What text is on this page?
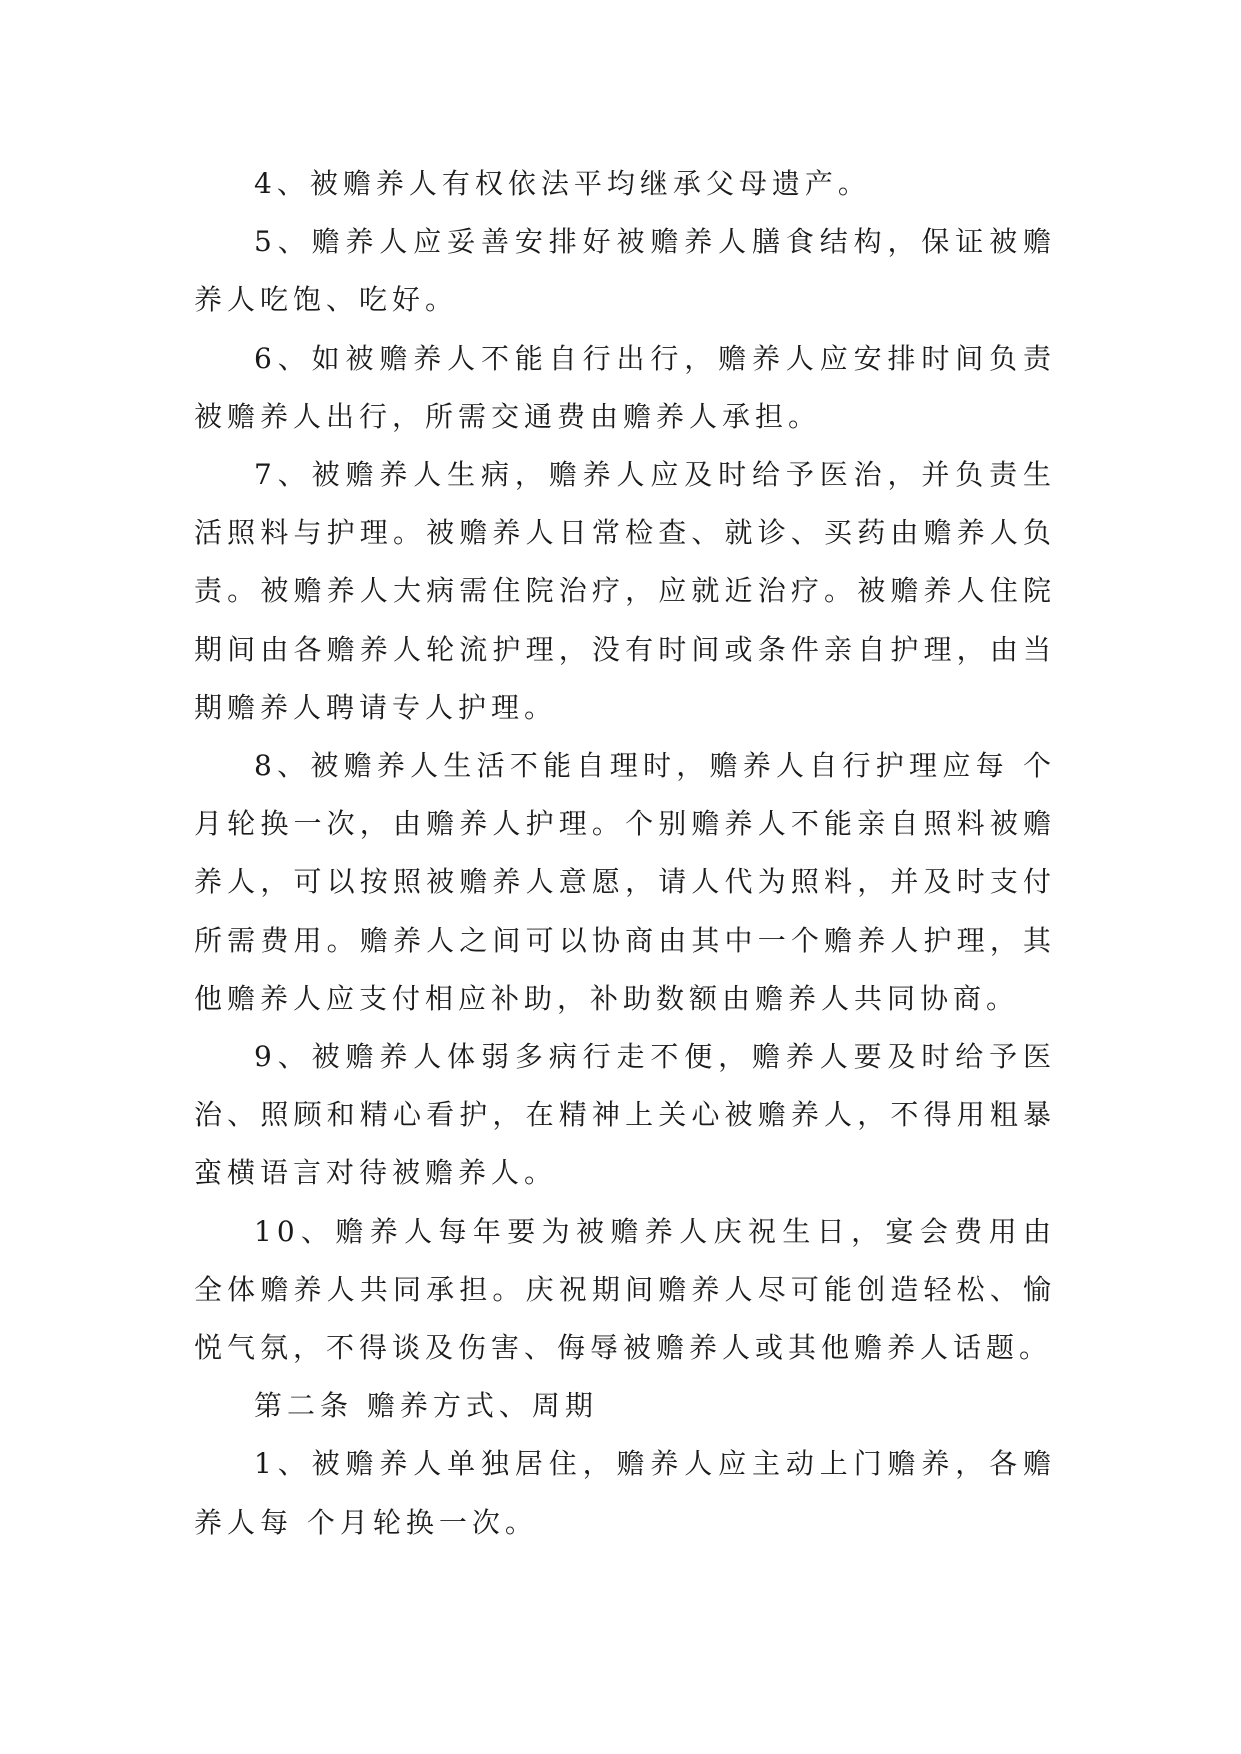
4、被赡养人有权依法平均继承父母遗产。

5、赡养人应妥善安排好被赡养人膳食结构，保证被赡养人吃饱、吃好。

6、如被赡养人不能自行出行，赡养人应安排时间负责被赡养人出行，所需交通费由赡养人承担。

7、被赡养人生病，赡养人应及时给予医治，并负责生活照料与护理。被赡养人日常检查、就诊、买药由赡养人负责。被赡养人大病需住院治疗，应就近治疗。被赡养人住院期间由各赡养人轮流护理，没有时间或条件亲自护理，由当期赡养人聘请专人护理。

8、被赡养人生活不能自理时，赡养人自行护理应每 个月轮换一次，由赡养人护理。个别赡养人不能亲自照料被赡养人，可以按照被赡养人意愿，请人代为照料，并及时支付所需费用。赡养人之间可以协商由其中一个赡养人护理，其他赡养人应支付相应补助，补助数额由赡养人共同协商。

9、被赡养人体弱多病行走不便，赡养人要及时给予医治、照顾和精心看护，在精神上关心被赡养人，不得用粗暴蛮横语言对待被赡养人。

10、赡养人每年要为被赡养人庆祝生日，宴会费用由全体赡养人共同承担。庆祝期间赡养人尽可能创造轻松、愉悦气氛，不得谈及伤害、侮辱被赡养人或其他赡养人话题。

第二条 赡养方式、周期

1、被赡养人单独居住，赡养人应主动上门赡养，各赡养人每 个月轮换一次。
